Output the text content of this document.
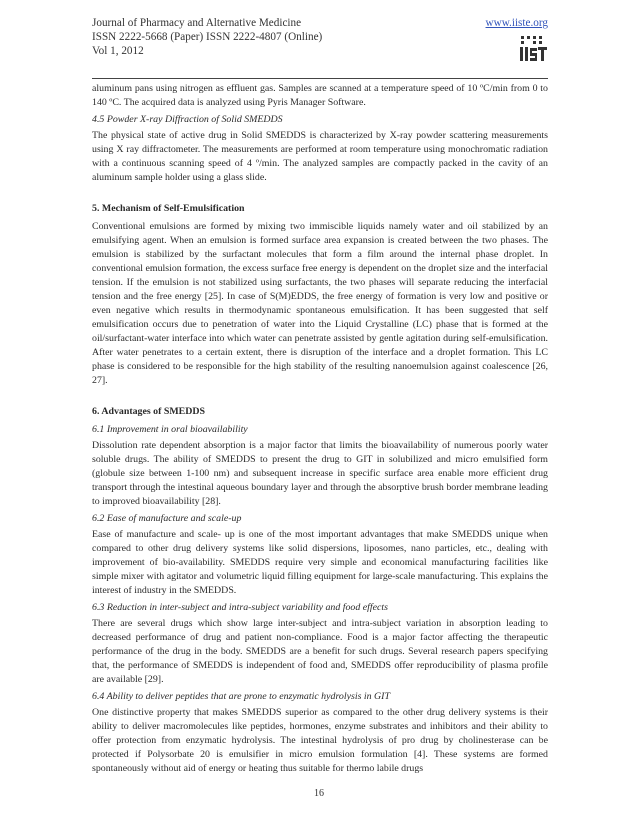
Journal of Pharmacy and Alternative Medicine
ISSN 2222-5668 (Paper) ISSN 2222-4807 (Online)
Vol 1, 2012
www.iiste.org

aluminum pans using nitrogen as effluent gas. Samples are scanned at a temperature speed of 10 ºC/min from 0 to 140 ºC. The acquired data is analyzed using Pyris Manager Software.

4.5 Powder X-ray Diffraction of Solid SMEDDS

The physical state of active drug in Solid SMEDDS is characterized by X-ray powder scattering measurements using X ray diffractometer. The measurements are performed at room temperature using monochromatic radiation with a continuous scanning speed of 4 º/min. The analyzed samples are compactly packed in the cavity of an aluminum sample holder using a glass slide.

5. Mechanism of Self-Emulsification

Conventional emulsions are formed by mixing two immiscible liquids namely water and oil stabilized by an emulsifying agent. When an emulsion is formed surface area expansion is created between the two phases. The emulsion is stabilized by the surfactant molecules that form a film around the internal phase droplet. In conventional emulsion formation, the excess surface free energy is dependent on the droplet size and the interfacial tension. If the emulsion is not stabilized using surfactants, the two phases will separate reducing the interfacial tension and the free energy [25]. In case of S(M)EDDS, the free energy of formation is very low and positive or even negative which results in thermodynamic spontaneous emulsification. It has been suggested that self emulsification occurs due to penetration of water into the Liquid Crystalline (LC) phase that is formed at the oil/surfactant-water interface into which water can penetrate assisted by gentle agitation during self-emulsification. After water penetrates to a certain extent, there is disruption of the interface and a droplet formation. This LC phase is considered to be responsible for the high stability of the resulting nanoemulsion against coalescence [26, 27].

6. Advantages of SMEDDS

6.1 Improvement in oral bioavailability

Dissolution rate dependent absorption is a major factor that limits the bioavailability of numerous poorly water soluble drugs. The ability of SMEDDS to present the drug to GIT in solubilized and micro emulsified form (globule size between 1-100 nm) and subsequent increase in specific surface area enable more efficient drug transport through the intestinal aqueous boundary layer and through the absorptive brush border membrane leading to improved bioavailability [28].

6.2 Ease of manufacture and scale-up

Ease of manufacture and scale- up is one of the most important advantages that make SMEDDS unique when compared to other drug delivery systems like solid dispersions, liposomes, nano particles, etc., dealing with improvement of bio-availability. SMEDDS require very simple and economical manufacturing facilities like simple mixer with agitator and volumetric liquid filling equipment for large-scale manufacturing. This explains the interest of industry in the SMEDDS.

6.3 Reduction in inter-subject and intra-subject variability and food effects

There are several drugs which show large inter-subject and intra-subject variation in absorption leading to decreased performance of drug and patient non-compliance. Food is a major factor affecting the therapeutic performance of the drug in the body. SMEDDS are a benefit for such drugs. Several research papers specifying that, the performance of SMEDDS is independent of food and, SMEDDS offer reproducibility of plasma profile are available [29].

6.4 Ability to deliver peptides that are prone to enzymatic hydrolysis in GIT

One distinctive property that makes SMEDDS superior as compared to the other drug delivery systems is their ability to deliver macromolecules like peptides, hormones, enzyme substrates and inhibitors and their ability to offer protection from enzymatic hydrolysis. The intestinal hydrolysis of pro drug by cholinesterase can be protected if Polysorbate 20 is emulsifier in micro emulsion formulation [4]. These systems are formed spontaneously without aid of energy or heating thus suitable for thermo labile drugs

16
